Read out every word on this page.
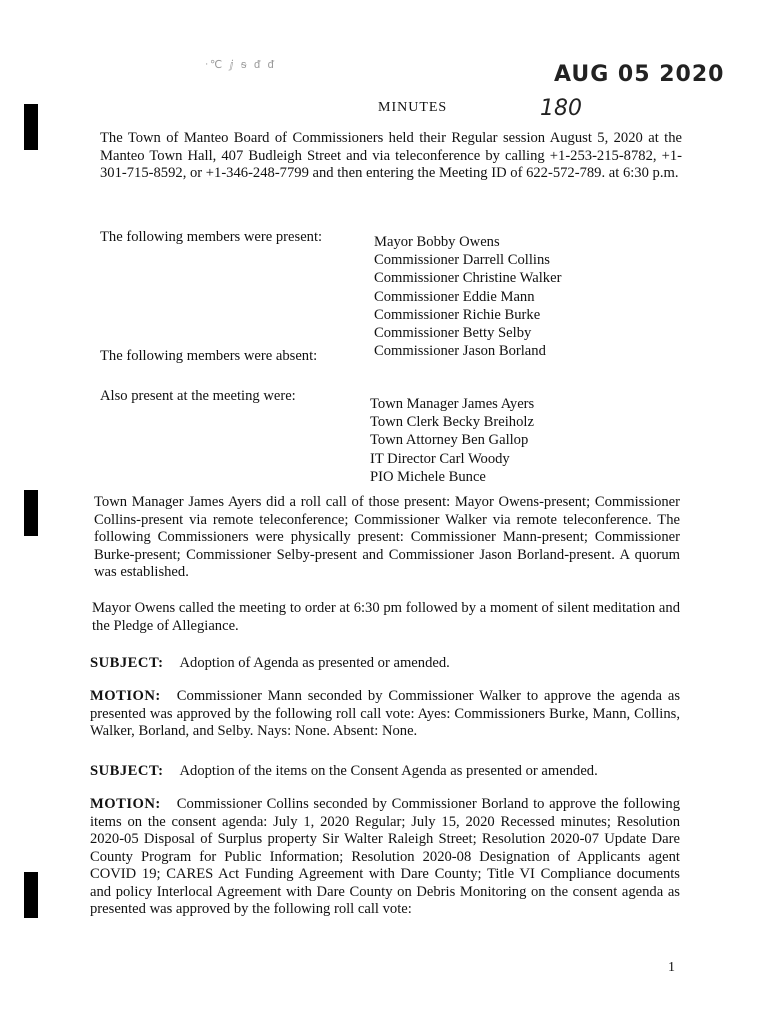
ᐧ℃ ⅉ ᵴ ᵭ ᵭ	AUG 05 2020
180
MINUTES
The Town of Manteo Board of Commissioners held their Regular session August 5, 2020 at the Manteo Town Hall, 407 Budleigh Street and via teleconference by calling +1-253-215-8782, +1-301-715-8592, or +1-346-248-7799 and then entering the Meeting ID of 622-572-789. at 6:30 p.m.
The following members were present:	Mayor Bobby Owens
Commissioner Darrell Collins
Commissioner Christine Walker
Commissioner Eddie Mann
Commissioner Richie Burke
Commissioner Betty Selby
Commissioner Jason Borland
The following members were absent:
Also present at the meeting were:	Town Manager James Ayers
Town Clerk Becky Breiholz
Town Attorney Ben Gallop
IT Director Carl Woody
PIO Michele Bunce
Town Manager James Ayers did a roll call of those present: Mayor Owens-present; Commissioner Collins-present via remote teleconference; Commissioner Walker via remote teleconference. The following Commissioners were physically present: Commissioner Mann-present; Commissioner Burke-present; Commissioner Selby-present and Commissioner Jason Borland-present. A quorum was established.
Mayor Owens called the meeting to order at 6:30 pm followed by a moment of silent meditation and the Pledge of Allegiance.
SUBJECT: Adoption of Agenda as presented or amended.
MOTION: Commissioner Mann seconded by Commissioner Walker to approve the agenda as presented was approved by the following roll call vote: Ayes: Commissioners Burke, Mann, Collins, Walker, Borland, and Selby. Nays: None. Absent: None.
SUBJECT: Adoption of the items on the Consent Agenda as presented or amended.
MOTION: Commissioner Collins seconded by Commissioner Borland to approve the following items on the consent agenda: July 1, 2020 Regular; July 15, 2020 Recessed minutes; Resolution 2020-05 Disposal of Surplus property Sir Walter Raleigh Street; Resolution 2020-07 Update Dare County Program for Public Information; Resolution 2020-08 Designation of Applicants agent COVID 19; CARES Act Funding Agreement with Dare County; Title VI Compliance documents and policy Interlocal Agreement with Dare County on Debris Monitoring on the consent agenda as presented was approved by the following roll call vote:
1
